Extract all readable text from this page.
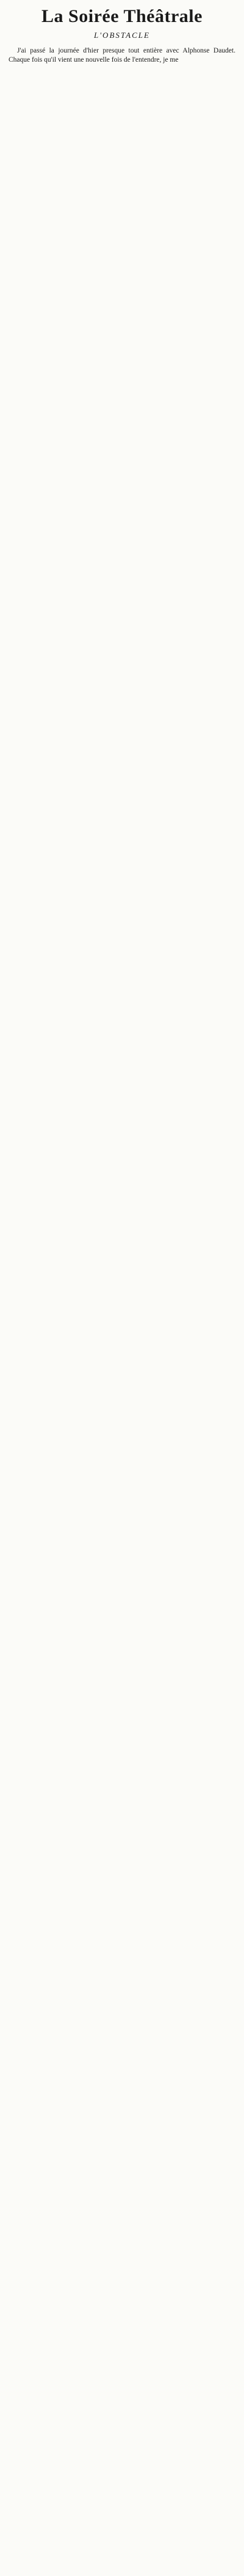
La Soirée Théâtrale
L'OBSTACLE

J'ai passé la journée d'hier presque tout entière avec Alphonse Daudet. Chaque fois qu'il vient une nouvelle fois de l'entendre, je me
